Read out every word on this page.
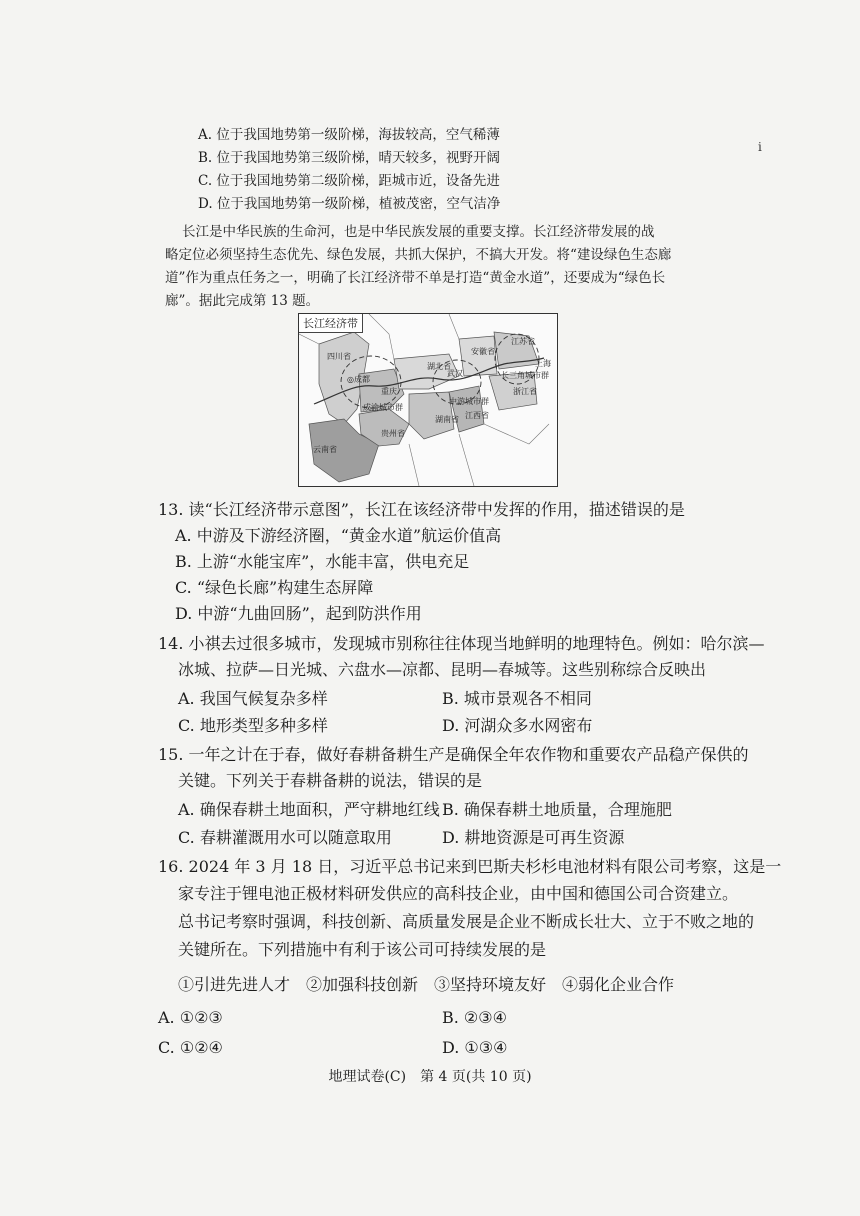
A. 位于我国地势第一级阶梯，海拔较高，空气稀薄
B. 位于我国地势第三级阶梯，晴天较多，视野开阔
C. 位于我国地势第二级阶梯，距城市近，设备先进
D. 位于我国地势第一级阶梯，植被茂密，空气洁净
i
长江是中华民族的生命河，也是中华民族发展的重要支撑。长江经济带发展的战
略定位必须坚持生态优先、绿色发展，共抓大保护，不搞大开发。将“建设绿色生态廊
道”作为重点任务之一，明确了长江经济带不单是打造“黄金水道”，还要成为“绿色长
廊”。据此完成第 13 题。
长江经济带
四川省
◎成都
重庆
成渝城市群
云南省
贵州省
湖北省
武汉
中游城市群
湖南省 江西省
安徽省
江苏省
长三角城市群
上海
浙江省
13. 读“长江经济带示意图”，长江在该经济带中发挥的作用，描述错误的是
A. 中游及下游经济圈，“黄金水道”航运价值高
B. 上游“水能宝库”，水能丰富，供电充足
C. “绿色长廊”构建生态屏障
D. 中游“九曲回肠”，起到防洪作用
14. 小祺去过很多城市，发现城市别称往往体现当地鲜明的地理特色。例如：哈尔滨—
冰城、拉萨—日光城、六盘水—凉都、昆明—春城等。这些别称综合反映出
A. 我国气候复杂多样	B. 城市景观各不相同
C. 地形类型多种多样	D. 河湖众多水网密布
15. 一年之计在于春，做好春耕备耕生产是确保全年农作物和重要农产品稳产保供的
关键。下列关于春耕备耕的说法，错误的是
A. 确保春耕土地面积，严守耕地红线 B. 确保春耕土地质量，合理施肥
C. 春耕灌溉用水可以随意取用	D. 耕地资源是可再生资源
16. 2024 年 3 月 18 日，习近平总书记来到巴斯夫杉杉电池材料有限公司考察，这是一
家专注于锂电池正极材料研发供应的高科技企业，由中国和德国公司合资建立。
总书记考察时强调，科技创新、高质量发展是企业不断成长壮大、立于不败之地的
关键所在。下列措施中有利于该公司可持续发展的是
①引进先进人才　②加强科技创新　③坚持环境友好　④弱化企业合作
A. ①②③	B. ②③④
C. ①②④	D. ①③④
地理试卷(C)　第 4 页(共 10 页)
